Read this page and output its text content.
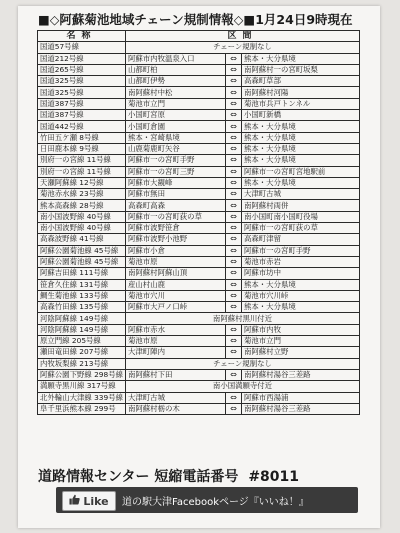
■◇阿蘇菊池地域チェーン規制情報◇■1月24日9時現在
名称	区間		
国道57号線	チェーン規制なし		
国道212号線	阿蘇市内牧温泉入口	⇔	熊本・大分県境
国道265号線	山都町柏	⇔	南阿蘇村一の宮町坂梨
国道325号線	山都町伊勢	⇔	高森町草部
国道325号線	南阿蘇村中松	⇔	南阿蘇村河陽
国道387号線	菊池市立門	⇔	菊池市兵戸トンネル
国道387号線	小国町宮原	⇔	小国町新橋
国道442号線	小国町倉園	⇔	熊本・大分県境
竹田五ケ瀬 8号線	熊本・宮崎県境	⇔	熊本・大分県境
日田鹿本線 9号線	山鹿菊鹿町矢谷	⇔	熊本・大分県境
別府一の宮線 11号線	阿蘇市一の宮町手野	⇔	熊本・大分県境
別府一の宮線 11号線	阿蘇市一の宮町三野	⇔	阿蘇市一の宮町宮地駅前
天瀬阿蘇線 12号線	阿蘇市大観峰	⇔	熊本・大分県境
菊池赤水線 23号線	阿蘇市無田	⇔	大津町古城
熊本高森線 28号線	高森町高森	⇔	南阿蘇村両併
南小国波野線 40号線	阿蘇市一の宮町荻の草	⇔	南小国町南小国町役場
南小国波野線 40号線	阿蘇市波野笹倉	⇔	阿蘇市一の宮町荻の草
高森波野線 41号線	阿蘇市波野小池野	⇔	高森町津留
阿蘇公園菊池線 45号線	阿蘇市小倉	⇔	阿蘇市一の宮町手野
阿蘇公園菊池線 45号線	菊池市原	⇔	菊池市赤岩
阿蘇吉田線 111号線	南阿蘇村阿蘇山頂	⇔	阿蘇市坊中
笹倉久住線 131号線	産山村山鹿	⇔	熊本・大分県境
鯛生菊池線 133号線	菊池市穴川	⇔	菊池市穴川峠
高森竹田線 135号線	阿蘇市大戸ノ口峠	⇔	熊本・大分県境
河陰阿蘇線 149号線	南阿蘇村黒川付近		
河陰阿蘇線 149号線	阿蘇市赤水	⇔	阿蘇市内牧
原立門線 205号線	菊池市原	⇔	菊池市立門
瀬田竜田線 207号線	大津町陣内	⇔	南阿蘇村立野
内牧坂梨線 213号線	チェーン規制なし		
阿蘇公園下野線 298号線	南阿蘇村下田	⇔	南阿蘇村湯谷三差路
満願寺黒川線 317号線	南小国満願寺付近		
北外輪山大津線 339号線	大津町古城	⇔	阿蘇市西湯浦
阜千里浜熊本線 299号	南阿蘇村栃の木	⇔	南阿蘇村湯谷三差路
道路情報センター 短縮電話番号 #8011
Like 道の駅大津Facebookページ『いいね！』
